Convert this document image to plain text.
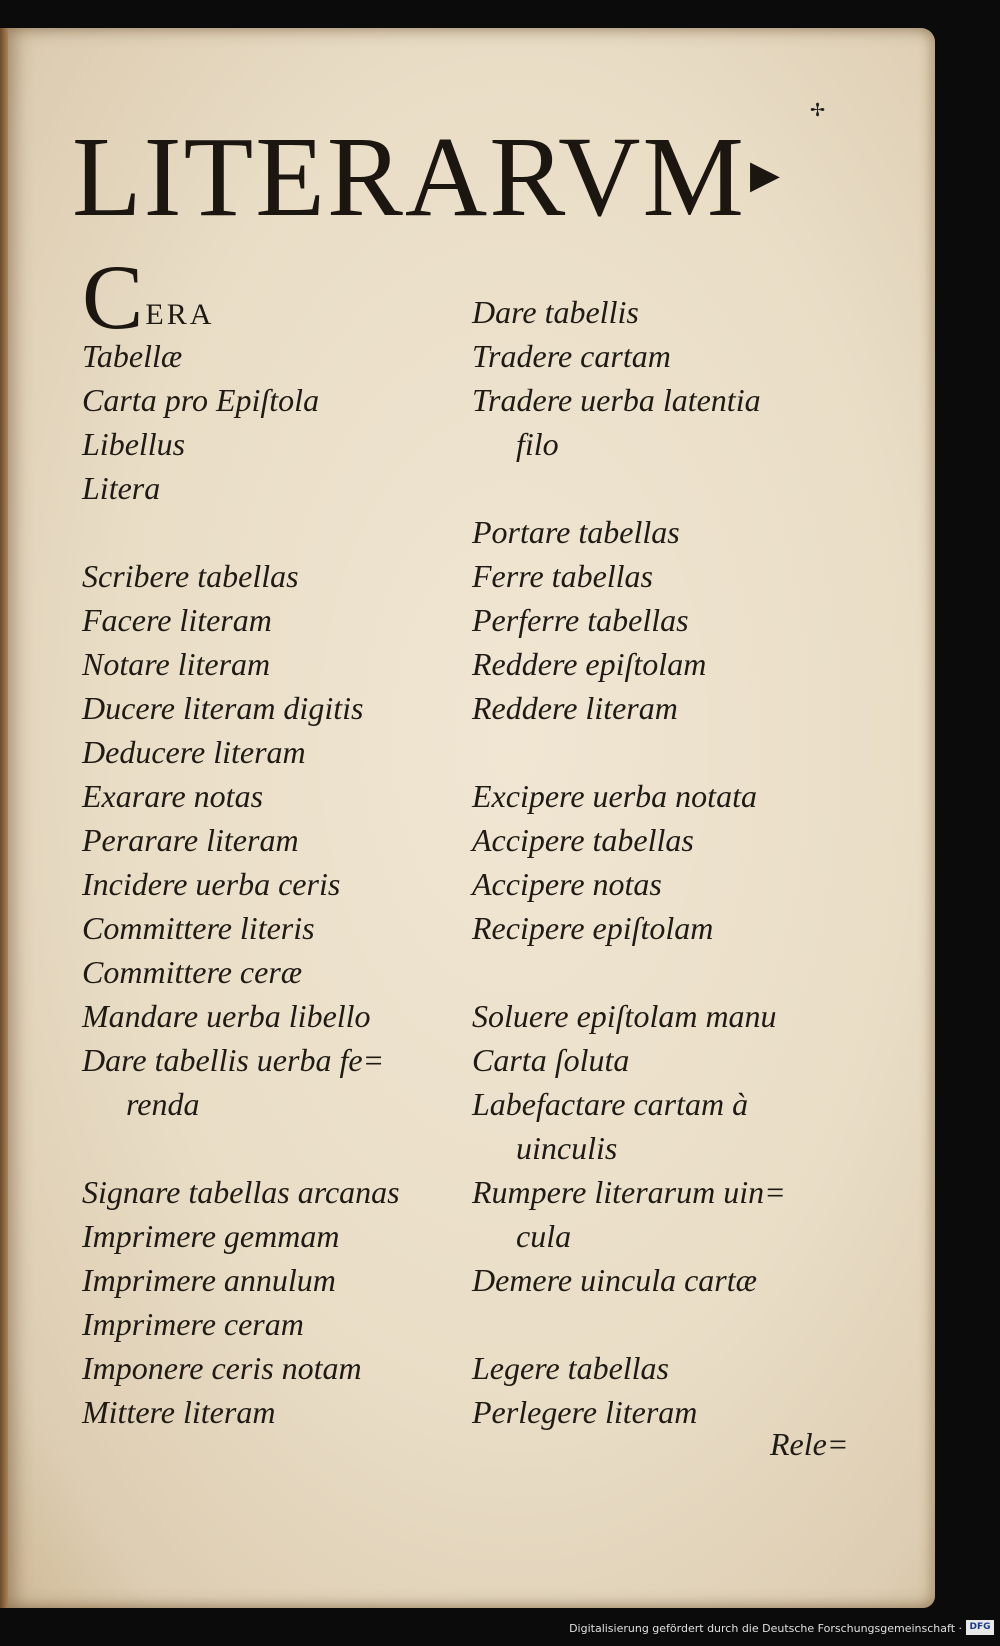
✢
LITERARVM▸
C ERA
Tabellæ
Carta pro Epiſtola
Libellus
Litera
Scribere tabellas
Facere literam
Notare literam
Ducere literam digitis
Deducere literam
Exarare notas
Perarare literam
Incidere uerba ceris
Committere literis
Committere ceræ
Mandare uerba libello
Dare tabellis uerba fe=
renda
Signare tabellas arcanas
Imprimere gemmam
Imprimere annulum
Imprimere ceram
Imponere ceris notam
Mittere literam
Dare tabellis
Tradere cartam
Tradere uerba latentia
filo
Portare tabellas
Ferre tabellas
Perferre tabellas
Reddere epiſtolam
Reddere literam
Excipere uerba notata
Accipere tabellas
Accipere notas
Recipere epiſtolam
Soluere epiſtolam manu
Carta ſoluta
Labefactare cartam à
uinculis
Rumpere literarum uin=
cula
Demere uincula cartæ
Legere tabellas
Perlegere literam
Rele=
Digitalisierung gefördert durch die Deutsche Forschungsgemeinschaft · DFG
